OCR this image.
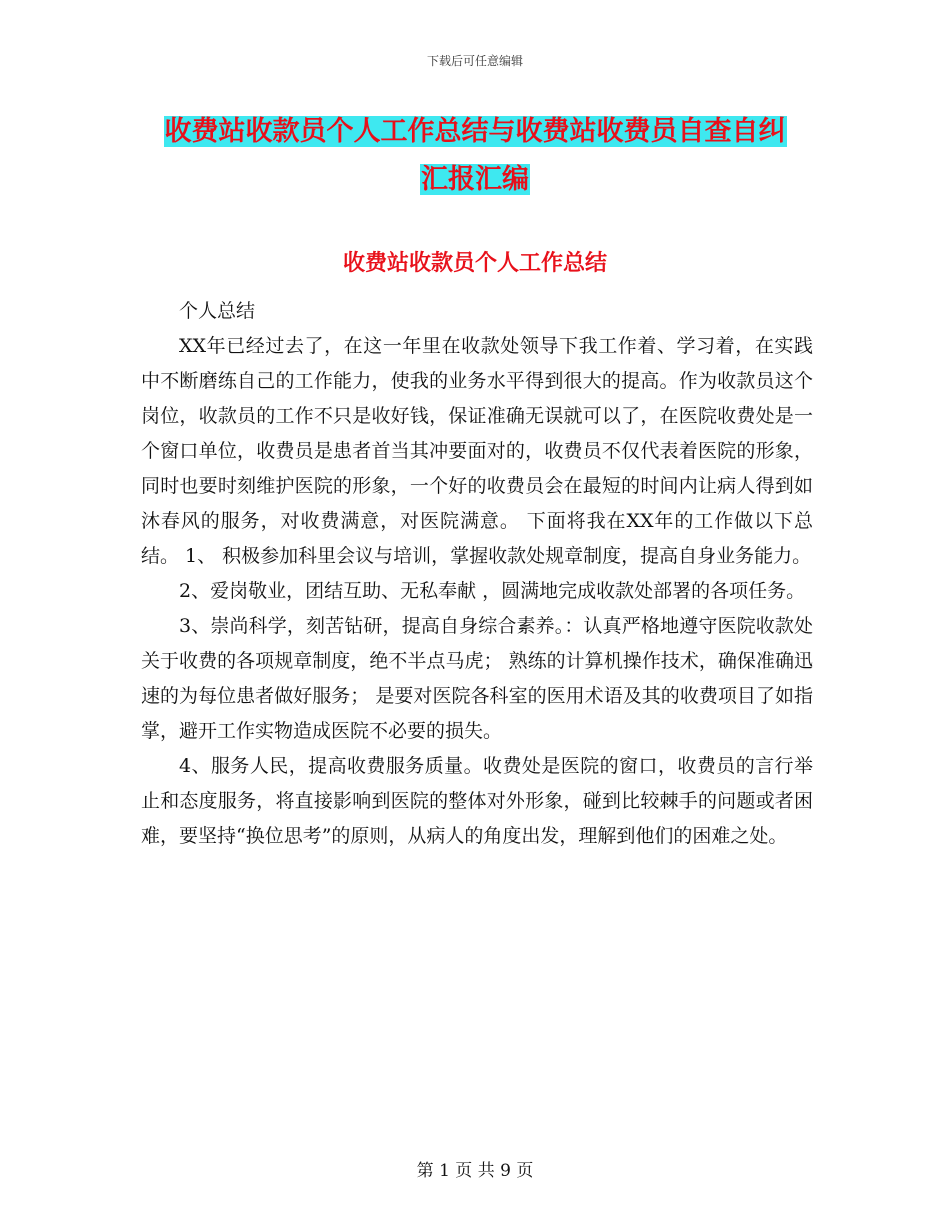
下载后可任意编辑
收费站收款员个人工作总结与收费站收费员自查自纠
汇报汇编
收费站收款员个人工作总结

个人总结

XX年已经过去了，在这一年里在收款处领导下我工作着、学习着，在实践中不断磨练自己的工作能力，使我的业务水平得到很大的提高。作为收款员这个岗位，收款员的工作不只是收好钱，保证准确无误就可以了，在医院收费处是一个窗口单位，收费员是患者首当其冲要面对的，收费员不仅代表着医院的形象，同时也要时刻维护医院的形象，一个好的收费员会在最短的时间内让病人得到如沐春风的服务，对收费满意，对医院满意。 下面将我在XX年的工作做以下总结。 1、 积极参加科里会议与培训，掌握收款处规章制度，提高自身业务能力。

2、爱岗敬业，团结互助、无私奉献 ，圆满地完成收款处部署的各项任务。

3、崇尚科学，刻苦钻研，提高自身综合素养。：认真严格地遵守医院收款处关于收费的各项规章制度，绝不半点马虎； 熟练的计算机操作技术，确保准确迅速的为每位患者做好服务； 是要对医院各科室的医用术语及其的收费项目了如指掌，避开工作实物造成医院不必要的损失。

4、服务人民，提高收费服务质量。收费处是医院的窗口，收费员的言行举止和态度服务，将直接影响到医院的整体对外形象，碰到比较棘手的问题或者困难，要坚持“换位思考”的原则，从病人的角度出发，理解到他们的困难之处。

第 1 页 共 9 页
